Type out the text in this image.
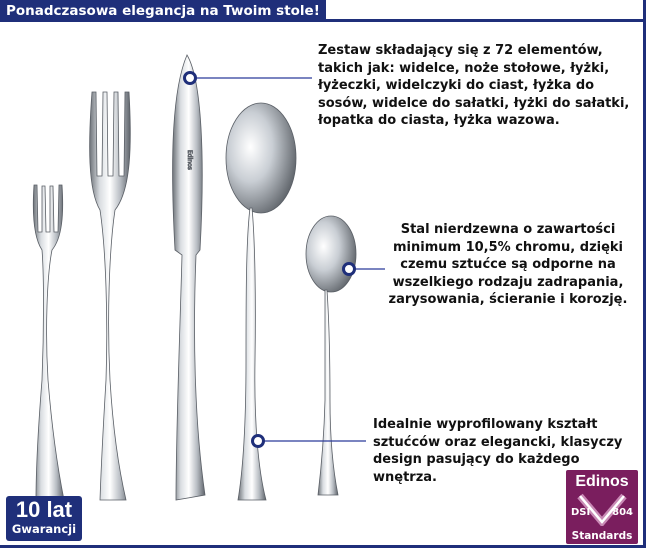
Ponadczasowa elegancja na Twoim stole!
Edinos

Zestaw składający się z 72 elementów, takich jak: widelce, noże stołowe, łyżki, łyżeczki, widelczyki do ciast, łyżka do sosów, widelce do sałatki, łyżki do sałatki, łopatka do ciasta, łyżka wazowa.

Stal nierdzewna o zawartości minimum 10,5% chromu, dzięki czemu sztućce są odporne na wszelkiego rodzaju zadrapania, zarysowania, ścieranie i korozję.

Idealnie wyprofilowany kształt sztućców oraz elegancki, klasyczy design pasujący do każdego wnętrza.

10 lat
Gwarancji
Edinos
DSI 804
Standards
